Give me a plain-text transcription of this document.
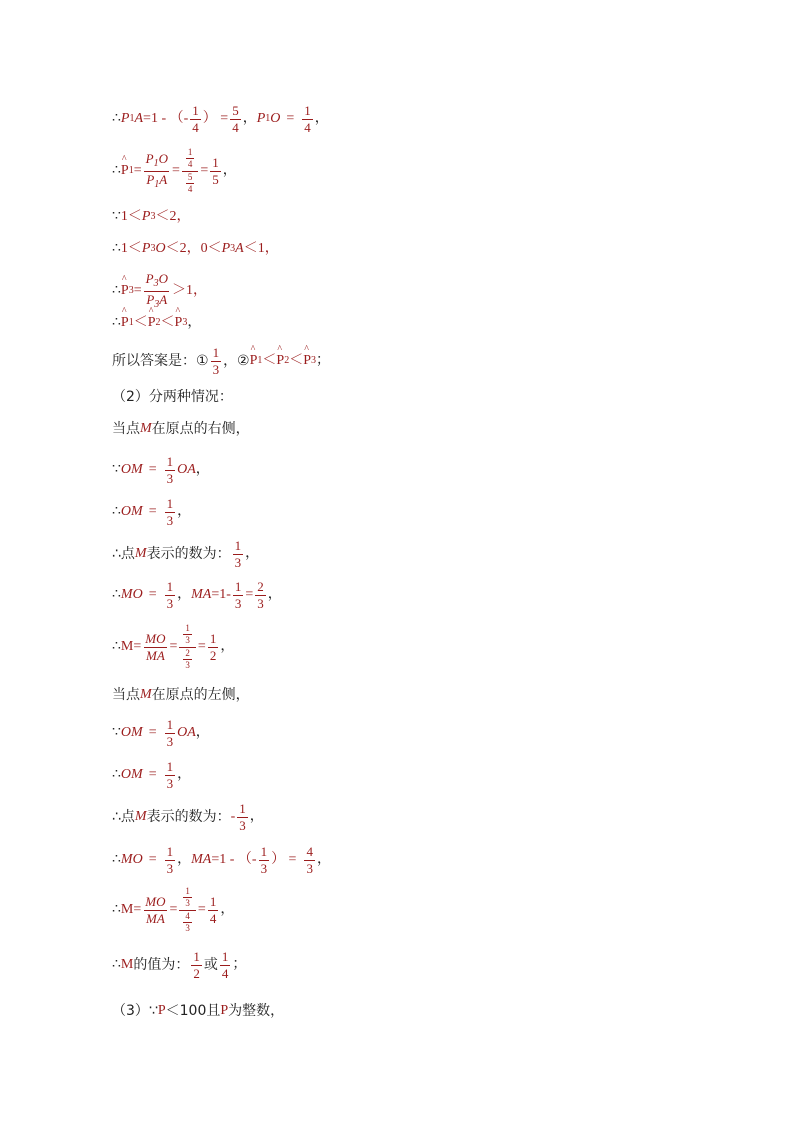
∴ P 1 A =1 - （ - $\frac{1}{4}$ ） = $\frac{5}{4}$ ， P 1 $O = \frac{1}{4}$ ，
∴ ^ P $1 = \frac{P_1O}{P_1A} = \frac{\frac{1}{4}}{\frac{5}{4}} = \frac{1}{5}$ ，
∵ 1＜ P 3 ＜2，
∴ 1＜ P 3 O ＜2，0＜ P 3 A ＜1，
∴ ^ P $3 = \frac{P_3O}{P_3A} >1$，
∴ ^ P 1 ＜ ^ P 2 ＜ ^ P 3 ，
所以答案是：① $\frac{1}{3}$ ，② ^ P 1 ＜ ^ P 2 ＜ ^ P 3 ；
（2）分两种情况：
当点 M 在原点的右侧，
∵ OM = $\frac{1}{3}$ OA ，
∴ OM = $\frac{1}{3}$ ，
∴点 M 表示的数为： $\frac{1}{3}$ ，
∴ MO = $\frac{1}{3}$ ， MA $=1- \frac{1}{3} = \frac{2}{3}$ ，
∴ $M = \frac{MO}{MA} = \frac{\frac{1}{3}}{\frac{2}{3}} = \frac{1}{2}$ ，
当点 M 在原点的左侧，
∵ OM = $\frac{1}{3}$ OA ，
∴ OM = $\frac{1}{3}$ ，
∴点 M 表示的数为： - $\frac{1}{3}$ ，
∴ MO = $\frac{1}{3}$ ， MA =1 - （ - $\frac{1}{3}$ ） = $\frac{4}{3}$ ，
∴ $M = \frac{MO}{MA} = \frac{\frac{1}{3}}{\frac{4}{3}} = \frac{1}{4}$ ，
∴ M 的值为： $\frac{1}{2}$ 或 $\frac{1}{4}$ ；
（3）∵ P ＜100且 P 为整数，
